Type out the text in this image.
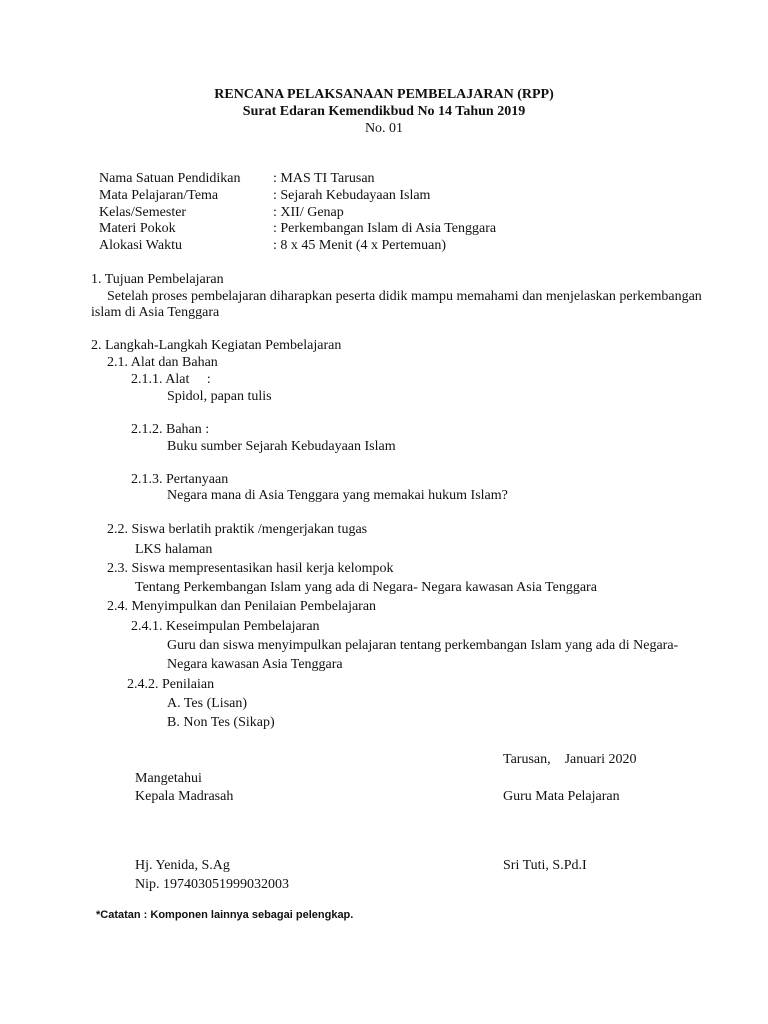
RENCANA PELAKSANAAN PEMBELAJARAN (RPP)
Surat Edaran Kemendikbud No 14 Tahun 2019
No. 01
Nama Satuan Pendidikan : MAS TI Tarusan
Mata Pelajaran/Tema	: Sejarah Kebudayaan Islam
Kelas/Semester	: XII/ Genap
Materi Pokok	: Perkembangan Islam di Asia Tenggara
Alokasi Waktu	: 8 x 45 Menit (4 x Pertemuan)
1. Tujuan Pembelajaran
Setelah proses pembelajaran diharapkan peserta didik mampu memahami dan menjelaskan perkembangan
islam di Asia Tenggara
2. Langkah-Langkah Kegiatan Pembelajaran
2.1. Alat dan Bahan
2.1.1. Alat     :
Spidol, papan tulis
2.1.2. Bahan :
Buku sumber Sejarah Kebudayaan Islam
2.1.3. Pertanyaan
Negara mana di Asia Tenggara yang memakai hukum Islam?
2.2. Siswa berlatih praktik /mengerjakan tugas
LKS halaman
2.3. Siswa mempresentasikan hasil kerja kelompok
Tentang Perkembangan Islam yang ada di Negara- Negara kawasan Asia Tenggara
2.4. Menyimpulkan dan Penilaian Pembelajaran
2.4.1. Keseimpulan Pembelajaran
Guru dan siswa menyimpulkan pelajaran tentang perkembangan Islam yang ada di Negara-
Negara kawasan Asia Tenggara
2.4.2. Penilaian
A. Tes (Lisan)
B. Non Tes (Sikap)
Tarusan,    Januari 2020
Mangetahui
Kepala Madrasah	Guru Mata Pelajaran
Hj. Yenida, S.Ag	Sri Tuti, S.Pd.I
Nip. 197403051999032003
*Catatan : Komponen lainnya sebagai pelengkap.
